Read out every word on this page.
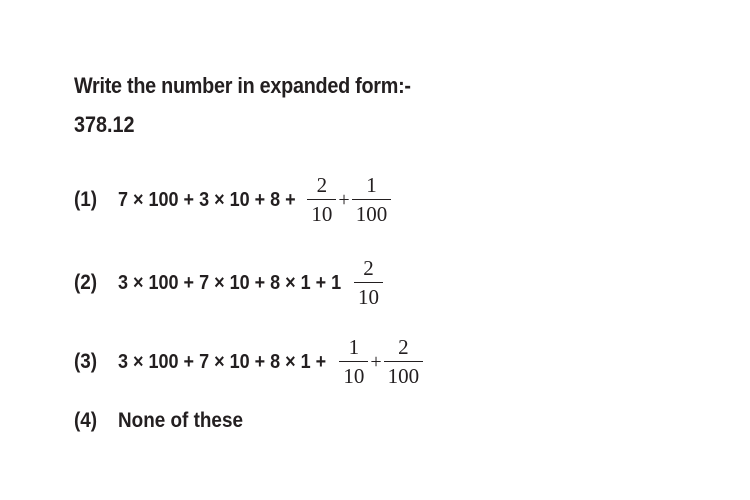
Write the number in expanded form:-
378.12
(1)	$7 \times 100 + 3 \times 10 + 8 + \frac{2}{10} + \frac{1}{100}$
(2)	$3 \times 100 + 7 \times 10 + 8 \times 1 + 1 \frac{2}{10}$
(3)	$3 \times 100 + 7 \times 10 + 8 \times 1 + \frac{1}{10} + \frac{2}{100}$
(4) None of these
